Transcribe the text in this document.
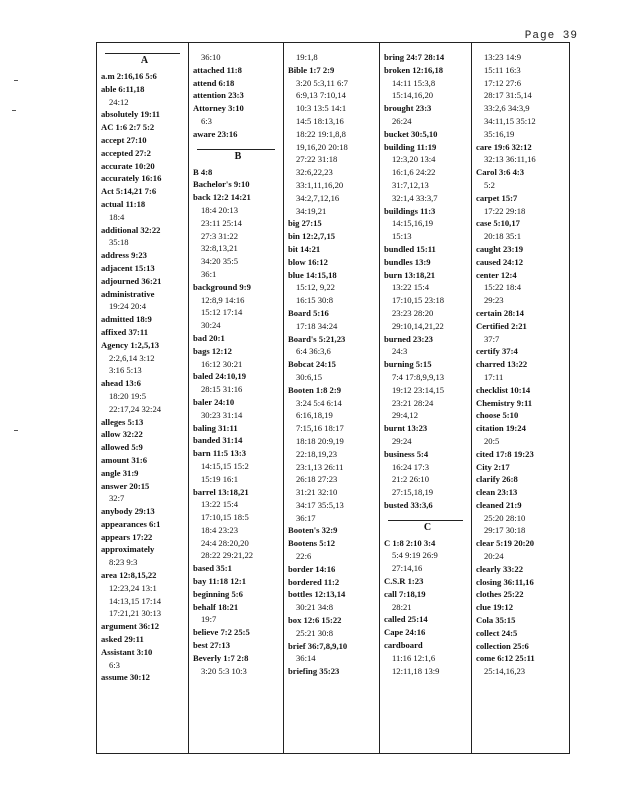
Page 39
A
a.m 2:16,16 5:6
able 6:11,18
24:12
absolutely 19:11
AC 1:6 2:7 5:2
accept 27:10
accepted 27:2
accurate 10:20
accurately 16:16
Act 5:14,21 7:6
actual 11:18
18:4
additional 32:22
35:18
address 9:23
adjacent 15:13
adjourned 36:21
administrative
19:24 20:4
admitted 18:9
affixed 37:11
Agency 1:2,5,13
2:2,6,14 3:12
3:16 5:13
ahead 13:6
18:20 19:5
22:17,24 32:24
alleges 5:13
allow 32:22
allowed 5:9
amount 31:6
angle 31:9
answer 20:15
32:7
anybody 29:13
appearances 6:1
appears 17:22
approximately
8:23 9:3
area 12:8,15,22
12:23,24 13:1
14:13,15 17:14
17:21,21 30:13
argument 36:12
asked 29:11
Assistant 3:10
6:3
assume 30:12
36:10
attached 11:8
attend 6:18
attention 23:3
Attorney 3:10
6:3
aware 23:16
B
B 4:8
Bachelor's 9:10
back 12:2 14:21
18:4 20:13
23:11 25:14
27:3 31:22
32:8,13,21
34:20 35:5
36:1
background 9:9
12:8,9 14:16
15:12 17:14
30:24
bad 20:1
bags 12:12
16:12 30:21
baled 24:10,19
28:15 31:16
baler 24:10
30:23 31:14
baling 31:11
banded 31:14
barn 11:5 13:3
14:15,15 15:2
15:19 16:1
barrel 13:18,21
13:22 15:4
17:10,15 18:5
18:4 23:23
24:4 28:20,20
28:22 29:21,22
based 35:1
bay 11:18 12:1
beginning 5:6
behalf 18:21
19:7
believe 7:2 25:5
best 27:13
Beverly 1:7 2:8
3:20 5:3 10:3
19:1,8
Bible 1:7 2:9
3:20 5:3,11 6:7
6:9,13 7:10,14
10:3 13:5 14:1
14:5 18:13,16
18:22 19:1,8,8
19,16,20 20:18
27:22 31:18
32:6,22,23
33:1,11,16,20
34:2,7,12,16
34:19,21
big 27:15
bin 12:2,7,15
bit 14:21
blow 16:12
blue 14:15,18
15:12, 9,22
16:15 30:8
Board 5:16
17:18 34:24
Board's 5:21,23
6:4 36:3,6
Bobcat 24:15
30:6,15
Booten 1:8 2:9
3:24 5:4 6:14
6:16,18,19
7:15,16 18:17
18:18 20:9,19
22:18,19,23
23:1,13 26:11
26:18 27:23
31:21 32:10
34:17 35:5,13
36:17
Booten's 32:9
Bootens 5:12
22:6
border 14:16
bordered 11:2
bottles 12:13,14
30:21 34:8
box 12:6 15:22
25:21 30:8
brief 36:7,8,9,10
36:14
briefing 35:23
bring 24:7 28:14
broken 12:16,18
14:11 15:3,8
15:14,16,20
brought 23:3
26:24
bucket 30:5,10
building 11:19
12:3,20 13:4
16:1,6 24:22
31:7,12,13
32:1,4 33:3,7
buildings 11:3
14:15,16,19
15:13
bundled 15:11
bundles 13:9
burn 13:18,21
13:22 15:4
17:10,15 23:18
23:23 28:20
29:10,14,21,22
burned 23:23
24:3
burning 5:15
7:4 17:8,9,9,13
19:12 23:14,15
23:21 28:24
29:4,12
burnt 13:23
29:24
business 5:4
16:24 17:3
21:2 26:10
27:15,18,19
busted 33:3,6
C
C 1:8 2:10 3:4
5:4 9:19 26:9
27:14,16
C.S.R 1:23
call 7:18,19
28:21
called 25:14
Cape 24:16
cardboard
11:16 12:1,6
12:11,18 13:9
13:23 14:9
15:11 16:3
17:12 27:6
28:17 31:5,14
33:2,6 34:3,9
34:11,15 35:12
35:16,19
care 19:6 32:12
32:13 36:11,16
Carol 3:6 4:3
5:2
carpet 15:7
17:22 29:18
case 5:10,17
20:18 35:1
caught 23:19
caused 24:12
center 12:4
15:22 18:4
29:23
certain 28:14
Certified 2:21
37:7
certify 37:4
charred 13:22
17:11
checklist 10:14
Chemistry 9:11
choose 5:10
citation 19:24
20:5
cited 17:8 19:23
City 2:17
clarify 26:8
clean 23:13
cleaned 21:9
25:20 28:10
29:17 30:18
clear 5:19 20:20
20:24
clearly 33:22
closing 36:11,16
clothes 25:22
clue 19:12
Cola 35:15
collect 24:5
collection 25:6
come 6:12 25:11
25:14,16,23
